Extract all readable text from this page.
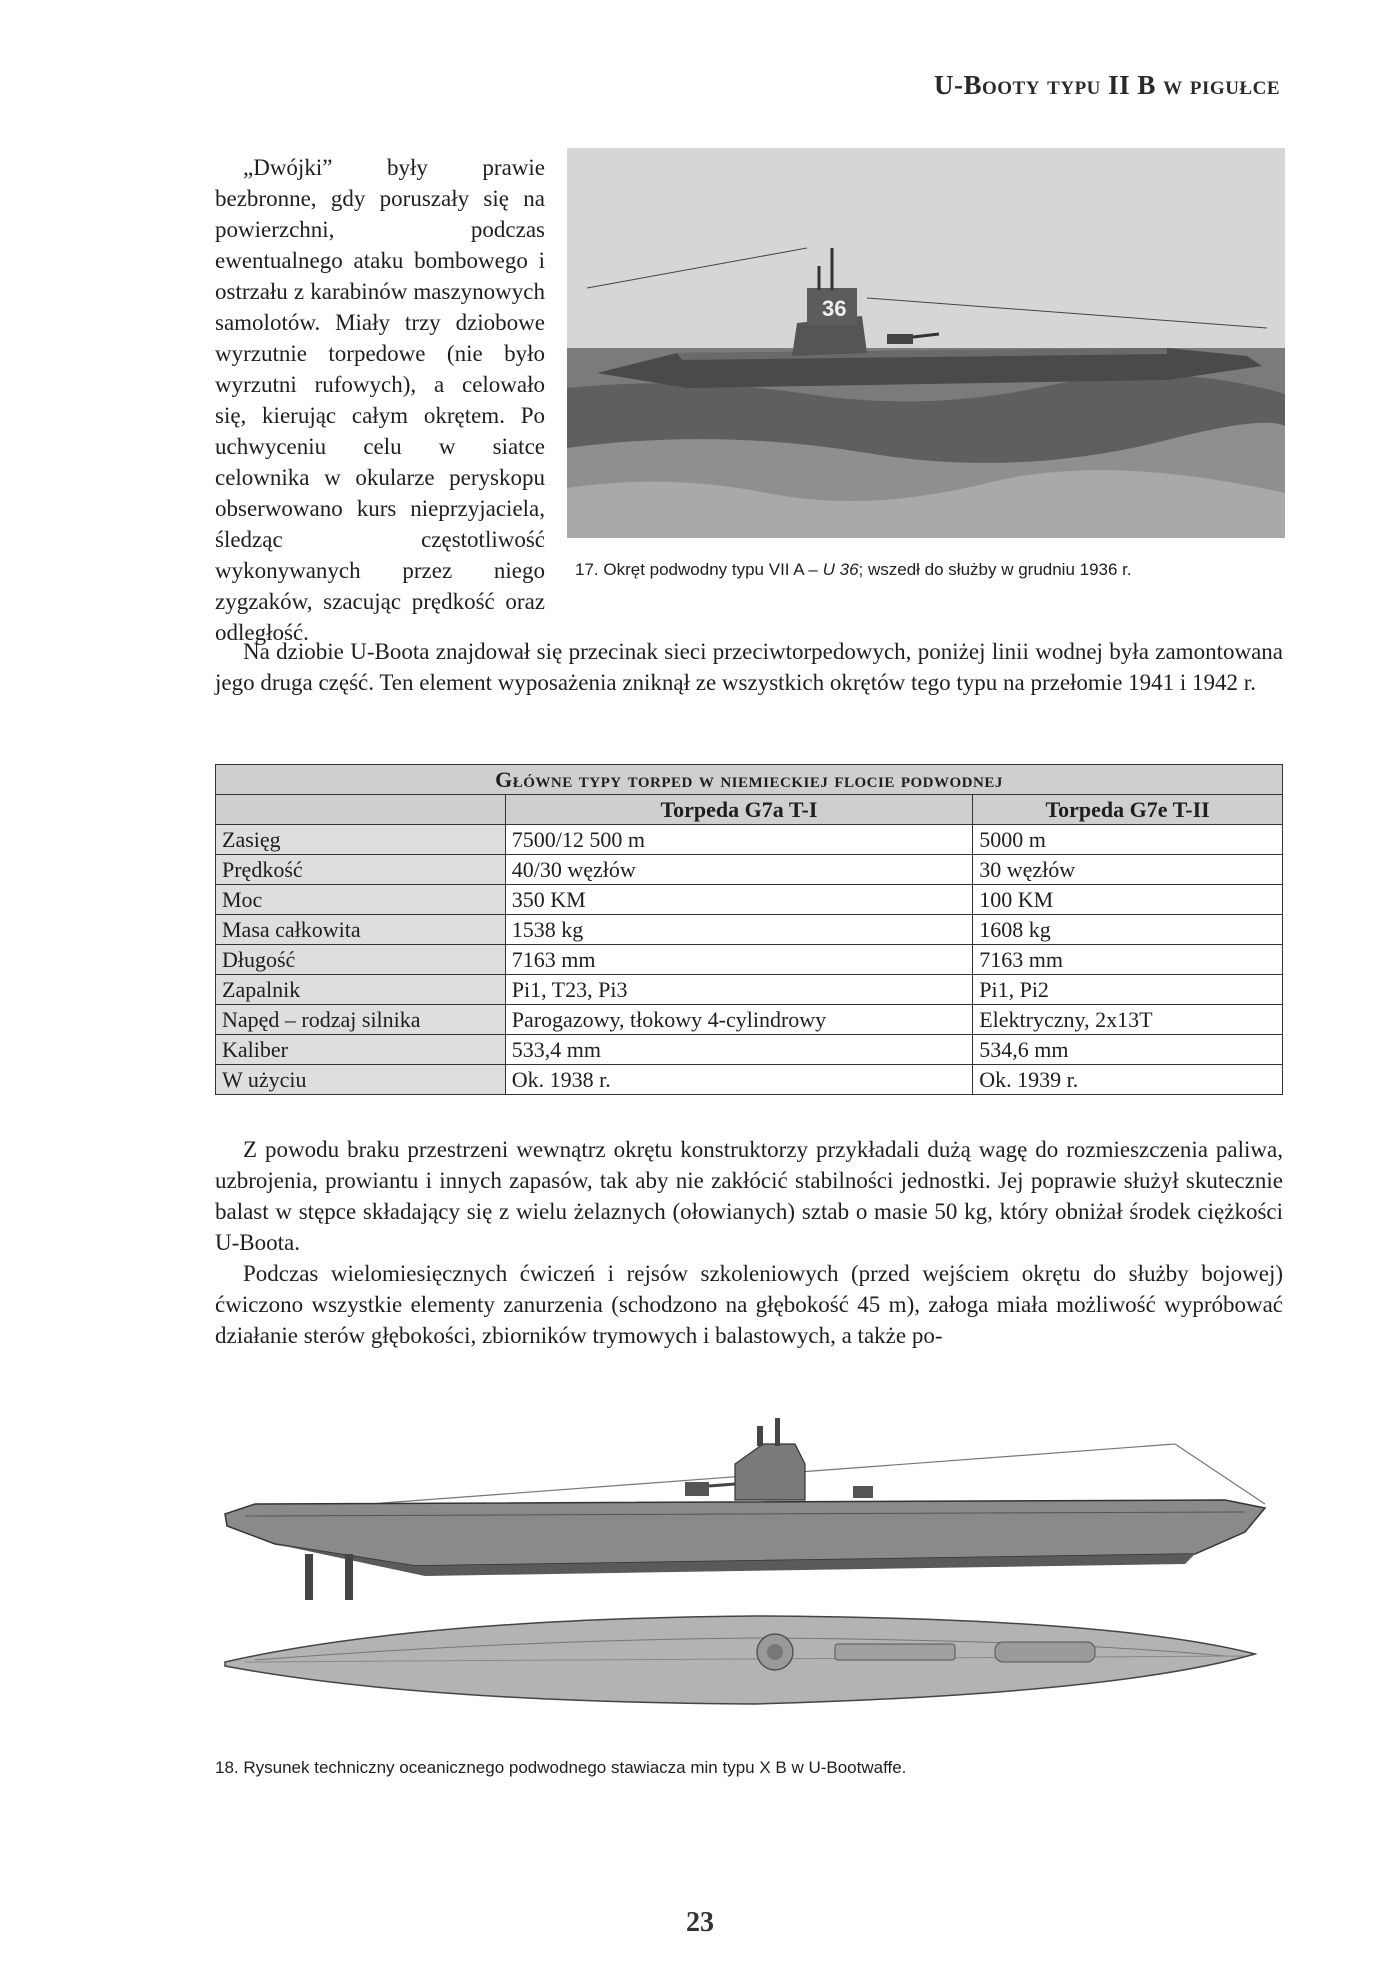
U-Booty typu II B w pigułce
„Dwójki” były prawie bezbronne, gdy poruszały się na powierzchni, podczas ewentualnego ataku bombowego i ostrzału z karabinów maszynowych samolotów. Miały trzy dziobowe wyrzutnie torpedowe (nie było wyrzutni rufowych), a celowało się, kierując całym okrętem. Po uchwyceniu celu w siatce celownika w okularze peryskopu obserwowano kurs nieprzyjaciela, śledząc częstotliwość wykonywanych przez niego zygzaków, szacując prędkość oraz odległość.
36
17. Okręt podwodny typu VII A – U 36; wszedł do służby w grudniu 1936 r.
Na dziobie U-Boota znajdował się przecinak sieci przeciwtorpedowych, poniżej linii wodnej była zamontowana jego druga część. Ten element wyposażenia zniknął ze wszystkich okrętów tego typu na przełomie 1941 i 1942 r.
Główne typy torped w niemieckiej flocie podwodnej		
	Torpeda G7a T-I	Torpeda G7e T-II
Zasięg	7500/12 500 m	5000 m
Prędkość	40/30 węzłów	30 węzłów
Moc	350 KM	100 KM
Masa całkowita	1538 kg	1608 kg
Długość	7163 mm	7163 mm
Zapalnik	Pi1, T23, Pi3	Pi1, Pi2
Napęd – rodzaj silnika	Parogazowy, tłokowy 4-cylindrowy	Elektryczny, 2x13T
Kaliber	533,4 mm	534,6 mm
W użyciu	Ok. 1938 r.	Ok. 1939 r.
Z powodu braku przestrzeni wewnątrz okrętu konstruktorzy przykładali dużą wagę do rozmieszczenia paliwa, uzbrojenia, prowiantu i innych zapasów, tak aby nie zakłócić stabilności jednostki. Jej poprawie służył skutecznie balast w stępce składający się z wielu żelaznych (ołowianych) sztab o masie 50 kg, który obniżał środek ciężkości U-Boota.
Podczas wielomiesięcznych ćwiczeń i rejsów szkoleniowych (przed wejściem okrętu do służby bojowej) ćwiczono wszystkie elementy zanurzenia (schodzono na głębokość 45 m), załoga miała możliwość wypróbować działanie sterów głębokości, zbiorników trymowych i balastowych, a także po-
18. Rysunek techniczny oceanicznego podwodnego stawiacza min typu X B w U-Bootwaffe.
23
